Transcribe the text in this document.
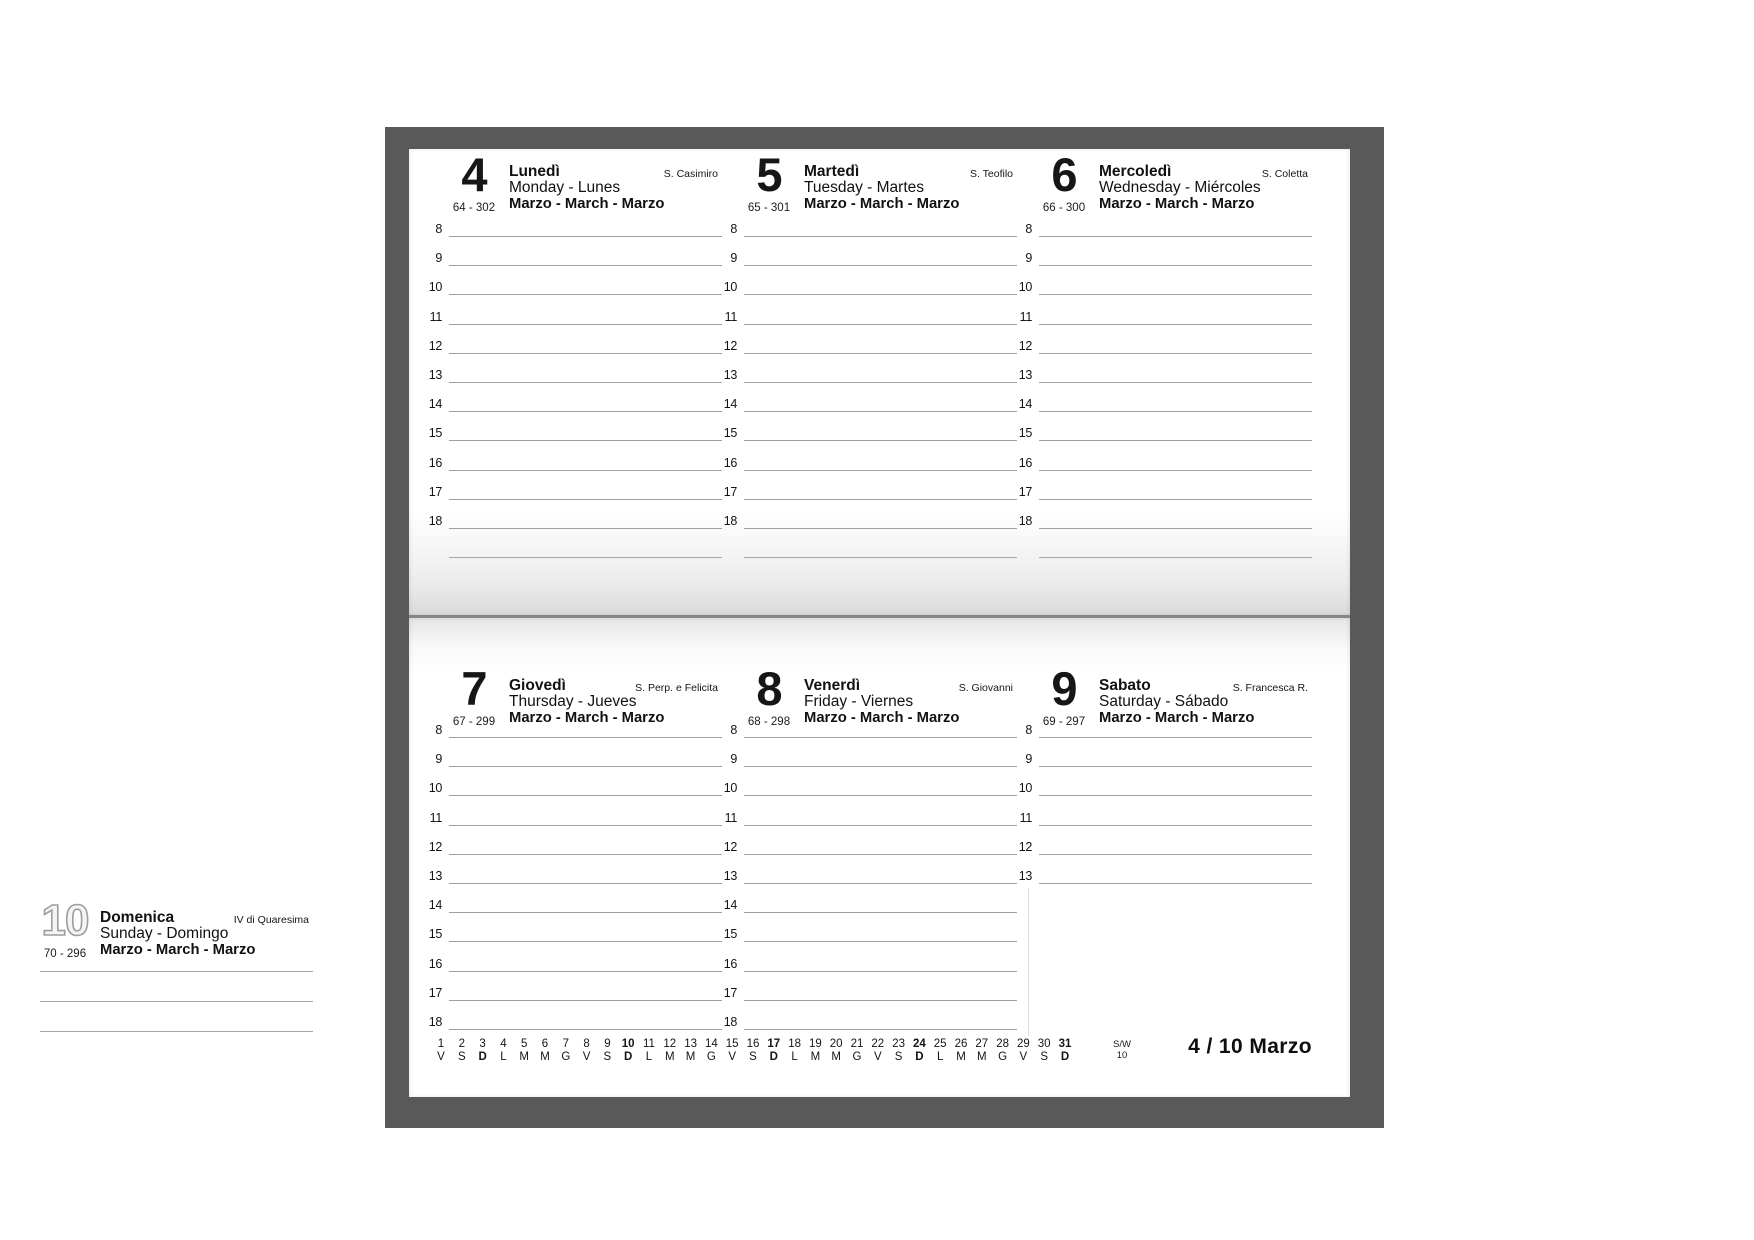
4
64 - 302
Lunedì
Monday - Lunes
Marzo - March - Marzo
S. Casimiro
8
9
10
11
12
13
14
15
16
17
18
5
65 - 301
Martedì
Tuesday - Martes
Marzo - March - Marzo
S. Teofilo
8
9
10
11
12
13
14
15
16
17
18
6
66 - 300
Mercoledì
Wednesday - Miércoles
Marzo - March - Marzo
S. Coletta
8
9
10
11
12
13
14
15
16
17
18
7
67 - 299
Giovedì
Thursday - Jueves
Marzo - March - Marzo
S. Perp. e Felicita
8
9
10
11
12
13
14
15
16
17
18
8
68 - 298
Venerdì
Friday - Viernes
Marzo - March - Marzo
S. Giovanni
8
9
10
11
12
13
14
15
16
17
18
9
69 - 297
Sabato
Saturday - Sábado
Marzo - March - Marzo
S. Francesca R.
8
9
10
11
12
13
10
70 - 296
Domenica
Sunday - Domingo
Marzo - March - Marzo
IV di Quaresima
1
V
2
S
3
D
4
L
5
M
6
M
7
G
8
V
9
S
10
D
11
L
12
M
13
M
14
G
15
V
16
S
17
D
18
L
19
M
20
M
21
G
22
V
23
S
24
D
25
L
26
M
27
M
28
G
29
V
30
S
31
D
S/W
10	4 / 10 Marzo
